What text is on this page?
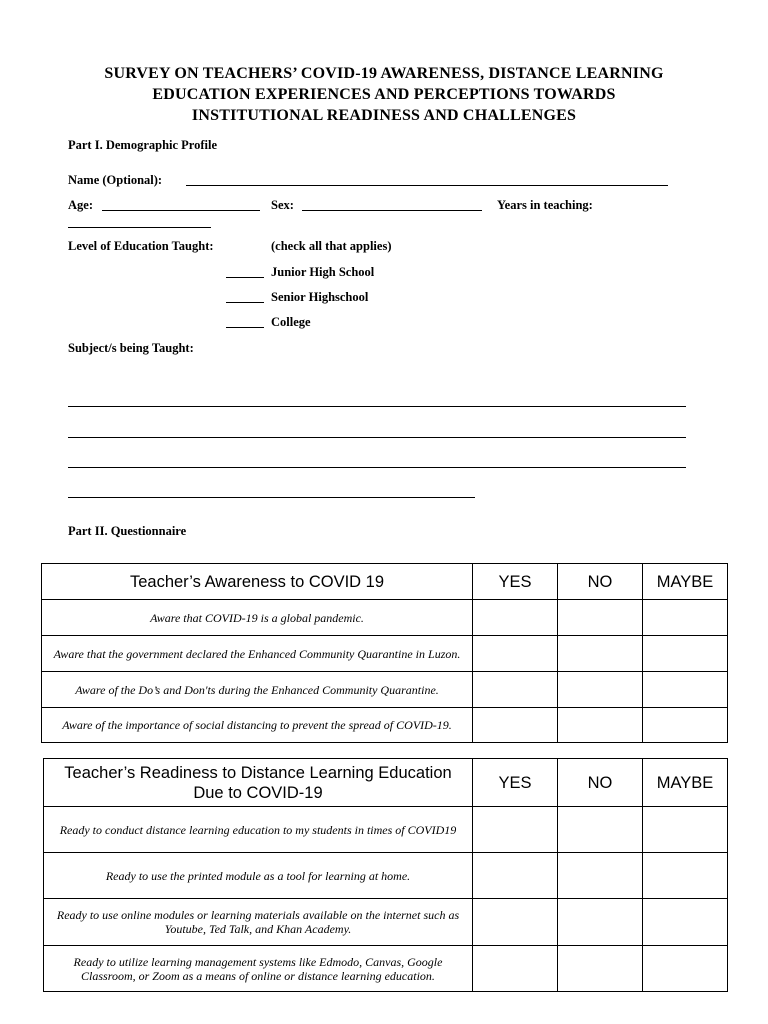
SURVEY ON TEACHERS’ COVID-19 AWARENESS, DISTANCE LEARNING
EDUCATION EXPERIENCES AND PERCEPTIONS TOWARDS
INSTITUTIONAL READINESS AND CHALLENGES
Part I. Demographic Profile
Name (Optional):
Age:	Sex:	Years in teaching:
Level of Education Taught:	(check all that applies)
Junior High School
Senior Highschool
College
Subject/s being Taught:
Part II. Questionnaire
Teacher’s Awareness to COVID 19	YES	NO	MAYBE
Aware that COVID-19 is a global pandemic.			
Aware that the government declared the Enhanced Community Quarantine in Luzon.			
Aware of the Do’s and Don'ts during the Enhanced Community Quarantine.			
Aware of the importance of social distancing to prevent the spread of COVID-19.			
Teacher’s Readiness to Distance Learning Education Due to COVID-19	YES	NO	MAYBE
Ready to conduct distance learning education to my students in times of COVID19			
Ready to use the printed module as a tool for learning at home.			
Ready to use online modules or learning materials available on the internet such as Youtube, Ted Talk, and Khan Academy.			
Ready to utilize learning management systems like Edmodo, Canvas, Google Classroom, or Zoom as a means of online or distance learning education.			
